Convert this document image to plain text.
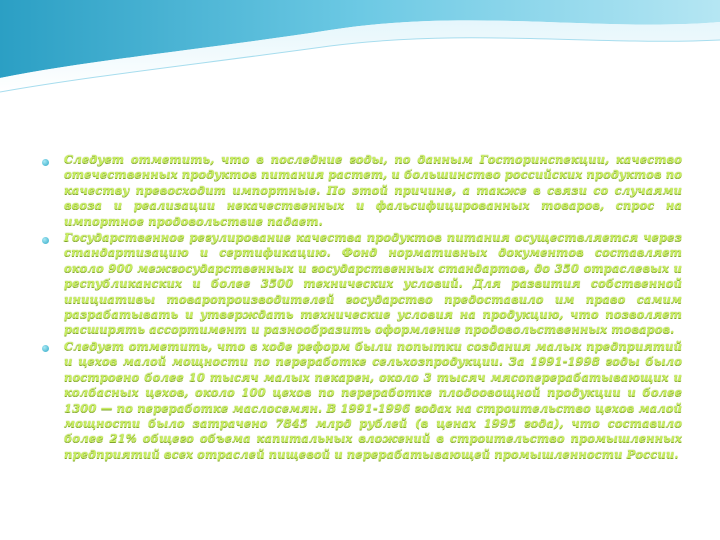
Следует отметить, что в последние годы, по данным Госторинспекции, качество отечественных продуктов питания растет, и большинство российских продуктов по качеству превосходит импортные. По этой причине, а также в связи со случаями ввоза и реализации некачественных и фальсифицированных товаров, спрос на импортное продовольствие падает.
Государственное регулирование качества продуктов питания осуществляется через стандартизацию и сертификацию. Фонд нормативных документов составляет около 900 межгосударственных и государственных стандартов, до 350 отраслевых и республиканских и более 3500 технических условий. Для развития собственной инициативы товаропроизводителей государство предоставило им право самим разрабатывать и утверждать технические условия на продукцию, что позволяет расширять ассортимент и разнообразить оформление продовольственных товаров.
Следует отметить, что в ходе реформ были попытки создания малых предприятий и цехов малой мощности по переработке сельхозпродукции. За 1991-1998 годы было построено более 10 тысяч малых пекарен, около 3 тысяч мясоперерабатывающих и колбасных цехов, около 100 цехов по переработке плодоовощной продукции и более 1300 — по переработке маслосемян. В 1991-1996 годах на строительство цехов малой мощности было затрачено 7845 млрд рублей (в ценах 1995 года), что составило более 21% общего объема капитальных вложений в строительство промышленных предприятий всех отраслей пищевой и перерабатывающей промышленности России.
